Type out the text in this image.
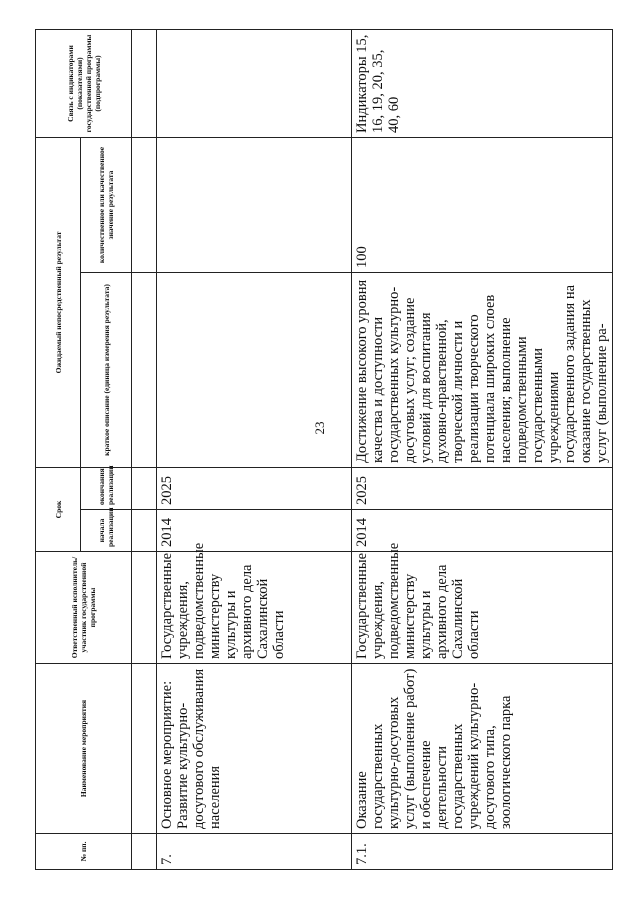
23
№ пп.	Наименование мероприятия	Ответственный исполнитель/участник государственной программы	Срок		Ожидаемый непосредственный результат		Связь с индикаторами (показателями) государственной программы (подпрограммы)
			начала реализации	окончания реализации	краткое описание (единица измерения результата)	количественное или качественное значение результата	

7.	Основное мероприятие: Развитие культурно-досугового обслуживания населения	Государственные учреждения, подведомственные министерству культуры и архивного дела Сахалинской области	2014	2025			
7.1.	Оказание государственных культурно-досуговых услуг (выполнение работ) и обеспечение деятельности государственных учреждений культурно-досугового типа, зоологического парка	Государственные учреждения, подведомственные министерству культуры и архивного дела Сахалинской области	2014	2025	Достижение высокого уровня качества и доступности государственных культурно-досуговых услуг; создание условий для воспитания духовно-нравственной, творческой личности и реализации творческого потенциала широких слоев населения; выполнение подведомственными государственными учреждениями государственного задания на оказание государственных услуг (выполнение ра-	100	Индикаторы 15, 16, 19, 20, 35, 40, 60
